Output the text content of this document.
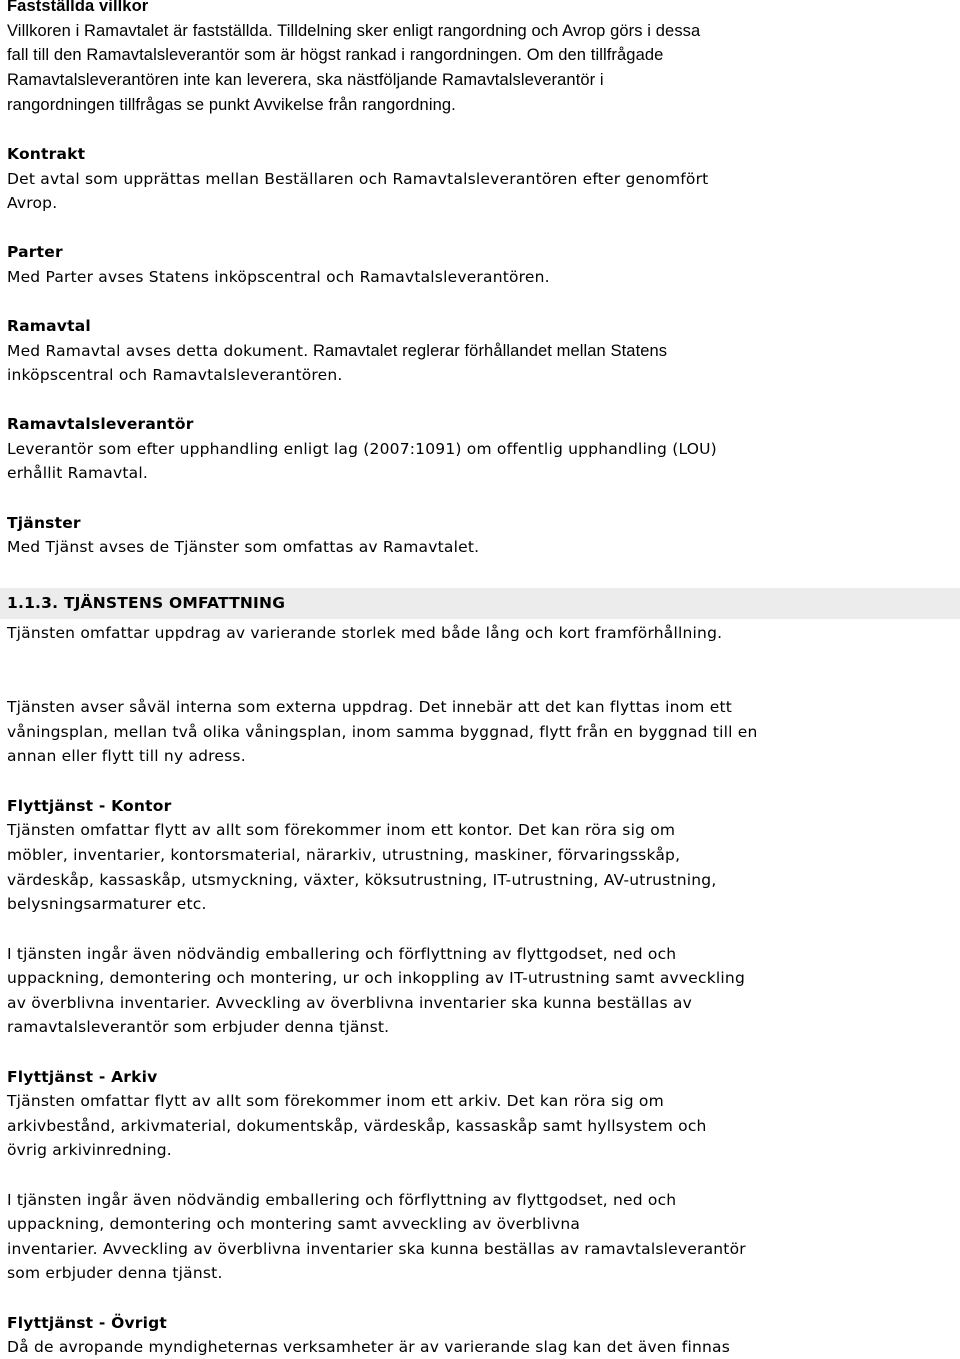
Fastställda villkor
Villkoren i Ramavtalet är fastställda. Tilldelning sker enligt rangordning och Avrop görs i dessa
fall till den Ramavtalsleverantör som är högst rankad i rangordningen. Om den tillfrågade
Ramavtalsleverantören inte kan leverera, ska nästföljande Ramavtalsleverantör i
rangordningen tillfrågas se punkt Avvikelse från rangordning.
Kontrakt
Det avtal som upprättas mellan Beställaren och Ramavtalsleverantören efter genomfört
Avrop.
Parter
Med Parter avses Statens inköpscentral och Ramavtalsleverantören.
Ramavtal
Med Ramavtal avses detta dokument. Ramavtalet reglerar förhållandet mellan Statens
inköpscentral och Ramavtalsleverantören.
Ramavtalsleverantör
Leverantör som efter upphandling enligt lag (2007:1091) om offentlig upphandling (LOU)
erhållit Ramavtal.
Tjänster
Med Tjänst avses de Tjänster som omfattas av Ramavtalet.
1.1.3. TJÄNSTENS OMFATTNING
Tjänsten omfattar uppdrag av varierande storlek med både lång och kort framförhållning.
Tjänsten avser såväl interna som externa uppdrag. Det innebär att det kan flyttas inom ett
våningsplan, mellan två olika våningsplan, inom samma byggnad, flytt från en byggnad till en
annan eller flytt till ny adress.
Flyttjänst - Kontor
Tjänsten omfattar flytt av allt som förekommer inom ett kontor. Det kan röra sig om
möbler, inventarier, kontorsmaterial, närarkiv, utrustning, maskiner, förvaringsskåp,
värdeskåp, kassaskåp, utsmyckning, växter, köksutrustning, IT-utrustning, AV-utrustning,
belysningsarmaturer etc.
I tjänsten ingår även nödvändig emballering och förflyttning av flyttgodset, ned och
uppackning, demontering och montering, ur och inkoppling av IT-utrustning samt avveckling
av överblivna inventarier. Avveckling av överblivna inventarier ska kunna beställas av
ramavtalsleverantör som erbjuder denna tjänst.
Flyttjänst - Arkiv
Tjänsten omfattar flytt av allt som förekommer inom ett arkiv. Det kan röra sig om
arkivbestånd, arkivmaterial, dokumentskåp, värdeskåp, kassaskåp samt hyllsystem och
övrig arkivinredning.
I tjänsten ingår även nödvändig emballering och förflyttning av flyttgodset, ned och
uppackning, demontering och montering samt avveckling av överblivna
inventarier. Avveckling av överblivna inventarier ska kunna beställas av ramavtalsleverantör
som erbjuder denna tjänst.
Flyttjänst - Övrigt
Då de avropande myndigheternas verksamheter är av varierande slag kan det även finnas
